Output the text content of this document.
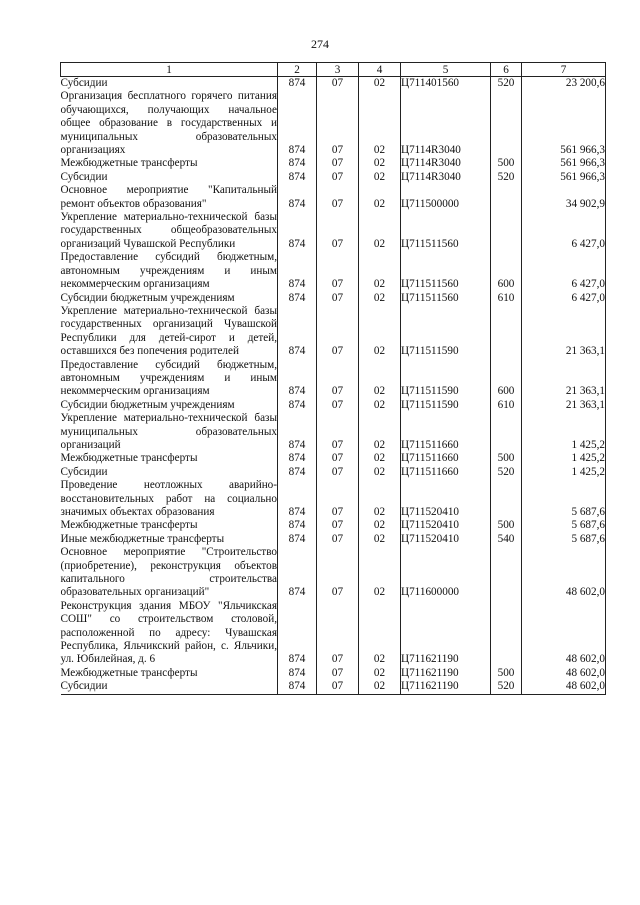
274
1	2	3	4	5	6	7

Субсидии	874	07	02	Ц711401560	520	23 200,6

Организация бесплатного горячего питания обучающихся, получающих начальное общее образование в государственных и муниципальных образовательных организациях	874	07	02	Ц7114R3040		561 966,3

Межбюджетные трансферты	874	07	02	Ц7114R3040	500	561 966,3

Субсидии	874	07	02	Ц7114R3040	520	561 966,3

Основное мероприятие "Капитальный ремонт объектов образования"	874	07	02	Ц711500000		34 902,9

Укрепление материально-технической базы государственных общеобразовательных организаций Чувашской Республики	874	07	02	Ц711511560		6 427,0

Предоставление субсидий бюджетным, автономным учреждениям и иным некоммерческим организациям	874	07	02	Ц711511560	600	6 427,0

Субсидии бюджетным учреждениям	874	07	02	Ц711511560	610	6 427,0

Укрепление материально-технической базы государственных организаций Чувашской Республики для детей-сирот и детей, оставшихся без попечения родителей	874	07	02	Ц711511590		21 363,1

Предоставление субсидий бюджетным, автономным учреждениям и иным некоммерческим организациям	874	07	02	Ц711511590	600	21 363,1

Субсидии бюджетным учреждениям	874	07	02	Ц711511590	610	21 363,1

Укрепление материально-технической базы муниципальных образовательных организаций	874	07	02	Ц711511660		1 425,2

Межбюджетные трансферты	874	07	02	Ц711511660	500	1 425,2

Субсидии	874	07	02	Ц711511660	520	1 425,2

Проведение неотложных аварийно-восстановительных работ на социально значимых объектах образования	874	07	02	Ц711520410		5 687,6

Межбюджетные трансферты	874	07	02	Ц711520410	500	5 687,6

Иные межбюджетные трансферты	874	07	02	Ц711520410	540	5 687,6

Основное мероприятие "Строительство (приобретение), реконструкция объектов капитального строительства образовательных организаций"	874	07	02	Ц711600000		48 602,0

Реконструкция здания МБОУ "Яльчикская СОШ" со строительством столовой, расположенной по адресу: Чувашская Республика, Яльчикский район, с. Яльчики, ул. Юбилейная, д. 6	874	07	02	Ц711621190		48 602,0

Межбюджетные трансферты	874	07	02	Ц711621190	500	48 602,0

Субсидии	874	07	02	Ц711621190	520	48 602,0
